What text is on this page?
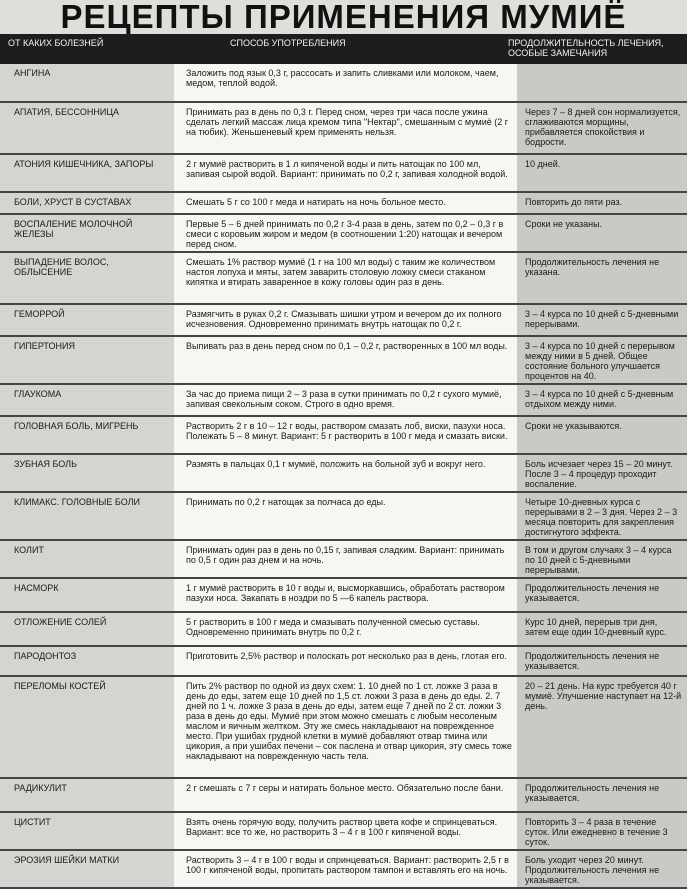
РЕЦЕПТЫ ПРИМЕНЕНИЯ МУМИЁ
ОТ КАКИХ БОЛЕЗНЕЙ	СПОСОБ УПОТРЕБЛЕНИЯ	ПРОДОЛЖИТЕЛЬНОСТЬ ЛЕЧЕНИЯ, ОСОБЫЕ ЗАМЕЧАНИЯ
АНГИНА	Заложить под язык 0,3 г, рассосать и запить сливками или молоком, чаем, медом, теплой водой.	
АПАТИЯ, БЕССОННИЦА	Принимать раз в день по 0,3 г. Перед сном, через три часа после ужина сделать легкий массаж лица кремом типа "Нектар", смешанным с мумиё (2 г на тюбик). Женьшеневый крем применять нельзя.	Через 7 – 8 дней сон нормализуется, сглаживаются морщины, прибавляется спокойствия и бодрости.
АТОНИЯ КИШЕЧНИКА, ЗАПОРЫ	2 г мумиё растворить в 1 л кипяченой воды и пить натощак по 100 мл, запивая сырой водой. Вариант: принимать по 0,2 г, запивая холодной водой.	10 дней.
БОЛИ, ХРУСТ В СУСТАВАХ	Смешать 5 г со 100 г меда и натирать на ночь больное место.	Повторить до пяти раз.
ВОСПАЛЕНИЕ МОЛОЧНОЙ ЖЕЛЕЗЫ	Первые 5 – 6 дней принимать по 0,2 г 3-4 раза в день, затем по 0,2 – 0,3 г в смеси с коровьим жиром и медом (в соотношении 1:20) натощак и вечером перед сном.	Сроки не указаны.
ВЫПАДЕНИЕ ВОЛОС, ОБЛЫСЕНИЕ	Смешать 1% раствор мумиё (1 г на 100 мл воды) с таким же количеством настоя лопуха и мяты, затем заварить столовую ложку смеси стаканом кипятка и втирать заваренное в кожу головы один раз в день.	Продолжительность лечения не указана.
ГЕМОРРОЙ	Размягчить в руках 0,2 г. Смазывать шишки утром и вечером до их полного исчезновения. Одновременно принимать внутрь натощак по 0,2 г.	3 – 4 курса по 10 дней с 5-дневными перерывами.
ГИПЕРТОНИЯ	Выпивать раз в день перед сном по 0,1 – 0,2 г, растворенных в 100 мл воды.	3 – 4 курса по 10 дней с перерывом между ними в 5 дней. Общее состояние больного улучшается процентов на 40.
ГЛАУКОМА	За час до приема пищи 2 – 3 раза в сутки принимать по 0,2 г сухого мумиё, запивая свекольным соком. Строго в одно время.	3 – 4 курса по 10 дней с 5-дневным отдыхом между ними.
ГОЛОВНАЯ БОЛЬ, МИГРЕНЬ	Растворить 2 г в 10 – 12 г воды, раствором смазать лоб, виски, пазухи носа. Полежать 5 – 8 минут. Вариант: 5 г растворить в 100 г меда и смазать виски.	Сроки не указываются.
ЗУБНАЯ БОЛЬ	Размять в пальцах 0,1 г мумиё, положить на больной зуб и вокруг него.	Боль исчезает через 15 – 20 минут. После 3 – 4 процедур проходит воспаление.
КЛИМАКС. ГОЛОВНЫЕ БОЛИ	Принимать по 0,2 г натощак за полчаса до еды.	Четыре 10-дневных курса с перерывами в 2 – 3 дня. Через 2 – 3 месяца повторить для закрепления достигнутого эффекта.
КОЛИТ	Принимать один раз в день по 0,15 г, запивая сладким. Вариант: принимать по 0,5 г один раз днем и на ночь.	В том и другом случаях 3 – 4 курса по 10 дней с 5-дневными перерывами.
НАСМОРК	1 г мумиё растворить в 10 г воды и, высморкавшись, обработать раствором пазухи носа. Закапать в ноздри по 5 —6 капель раствора.	Продолжительность лечения не указывается.
ОТЛОЖЕНИЕ СОЛЕЙ	5 г растворить в 100 г меда и смазывать полученной смесью суставы. Одновременно принимать внутрь по 0,2 г.	Курс 10 дней, перерыв три дня, затем еще один 10-дневный курс.
ПАРОДОНТОЗ	Приготовить 2,5% раствор и полоскать рот несколько раз в день, глотая его.	Продолжительность лечения не указывается.
ПЕРЕЛОМЫ КОСТЕЙ	Пить 2% раствор по одной из двух схем: 1. 10 дней по 1 ст. ложке 3 раза в день до еды, затем еще 10 дней по 1,5 ст. ложки 3 раза в день до еды. 2. 7 дней по 1 ч. ложке 3 раза в день до еды, затем еще 7 дней по 2 ст. ложки 3 раза в день до еды. Мумиё при этом можно смешать с любым несоленым маслом и яичным желтком. Эту же смесь накладывают на поврежденное место. При ушибах грудной клетки в мумиё добавляют отвар тмина или цикория, а при ушибах печени – сок паслена и отвар цикория, эту смесь тоже накладывают на поврежденную часть тела.	20 – 21 день. На курс требуется 40 г мумиё. Улучшение наступает на 12-й день.
РАДИКУЛИТ	2 г смешать с 7 г серы и натирать больное место. Обязательно после бани.	Продолжительность лечения не указывается.
ЦИСТИТ	Взять очень горячую воду, получить раствор цвета кофе и спринцеваться. Вариант: все то же, но растворить 3 – 4 г в 100 г кипяченой воды.	Повторить 3 – 4 раза в течение суток. Или ежедневно в течение 3 суток.
ЭРОЗИЯ ШЕЙКИ МАТКИ	Растворить 3 – 4 г в 100 г воды и спринцеваться. Вариант: растворить 2,5 г в 100 г кипяченой воды, пропитать раствором тампон и вставлять его на ночь.	Боль уходит через 20 минут. Продолжительность лечения не указывается.
